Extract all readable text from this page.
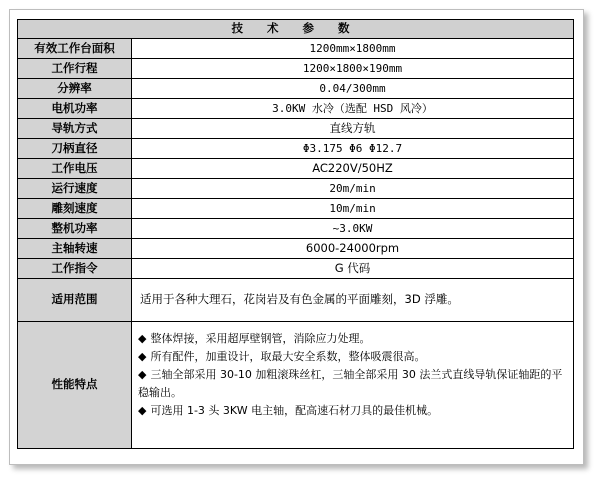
技 术 参 数	
有效工作台面积	1200mm×1800mm
工作行程	1200×1800×190mm
分辨率	0.04/300mm
电机功率	3.0KW 水冷（选配 HSD 风冷）
导轨方式	直线方轨
刀柄直径	Φ3.175 Φ6 Φ12.7
工作电压	AC220V/50HZ
运行速度	20m/min
雕刻速度	10m/min
整机功率	~3.0KW
主轴转速	6000-24000rpm
工作指令	G 代码
适用范围	适用于各种大理石，花岗岩及有色金属的平面雕刻，3D 浮雕。
性能特点	◆ 整体焊接，采用超厚壁钢管，消除应力处理。

◆ 所有配件，加重设计，取最大安全系数，整体吸震很高。

◆ 三轴全部采用 30-10 加粗滚珠丝杠，三轴全部采用 30 法兰式直线导轨保证轴距的平稳输出。

◆ 可选用 1-3 头 3KW 电主轴，配高速石材刀具的最佳机械。
